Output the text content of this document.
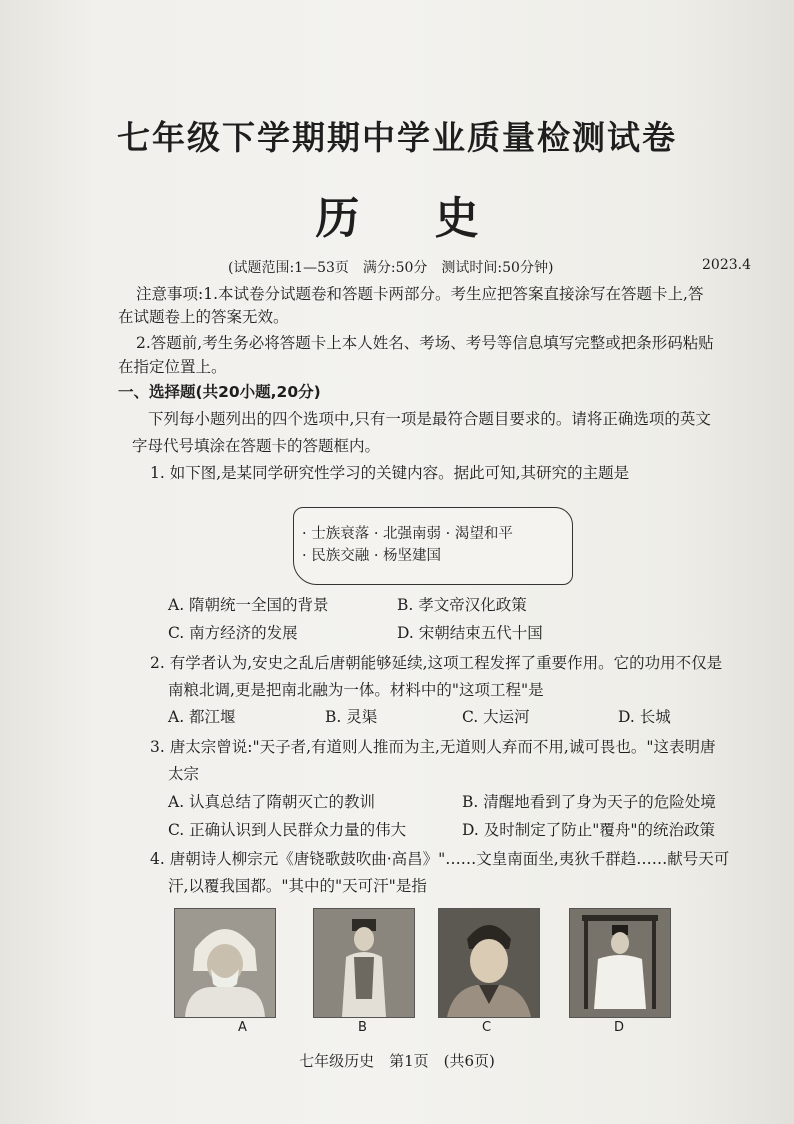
七年级下学期期中学业质量检测试卷
历 史
(试题范围:1—53页　满分:50分　测试时间:50分钟)	2023.4
注意事项:1.本试卷分试题卷和答题卡两部分。考生应把答案直接涂写在答题卡上,答
在试题卷上的答案无效。
2.答题前,考生务必将答题卡上本人姓名、考场、考号等信息填写完整或把条形码粘贴
在指定位置上。
一、选择题(共20小题,20分)
下列每小题列出的四个选项中,只有一项是最符合题目要求的。请将正确选项的英文
字母代号填涂在答题卡的答题框内。
1. 如下图,是某同学研究性学习的关键内容。据此可知,其研究的主题是
· 士族衰落 · 北强南弱 · 渴望和平
· 民族交融 · 杨坚建国
A. 隋朝统一全国的背景	B. 孝文帝汉化政策
C. 南方经济的发展	D. 宋朝结束五代十国
2. 有学者认为,安史之乱后唐朝能够延续,这项工程发挥了重要作用。它的功用不仅是
南粮北调,更是把南北融为一体。材料中的"这项工程"是
A. 都江堰	B. 灵渠	C. 大运河	D. 长城
3. 唐太宗曾说:"天子者,有道则人推而为主,无道则人弃而不用,诚可畏也。"这表明唐
太宗
A. 认真总结了隋朝灭亡的教训	B. 清醒地看到了身为天子的危险处境
C. 正确认识到人民群众力量的伟大	D. 及时制定了防止"覆舟"的统治政策
4. 唐朝诗人柳宗元《唐铙歌鼓吹曲·高昌》"……文皇南面坐,夷狄千群趋……献号天可
汗,以覆我国都。"其中的"天可汗"是指
A	B	C	D
七年级历史　第1页　(共6页)
